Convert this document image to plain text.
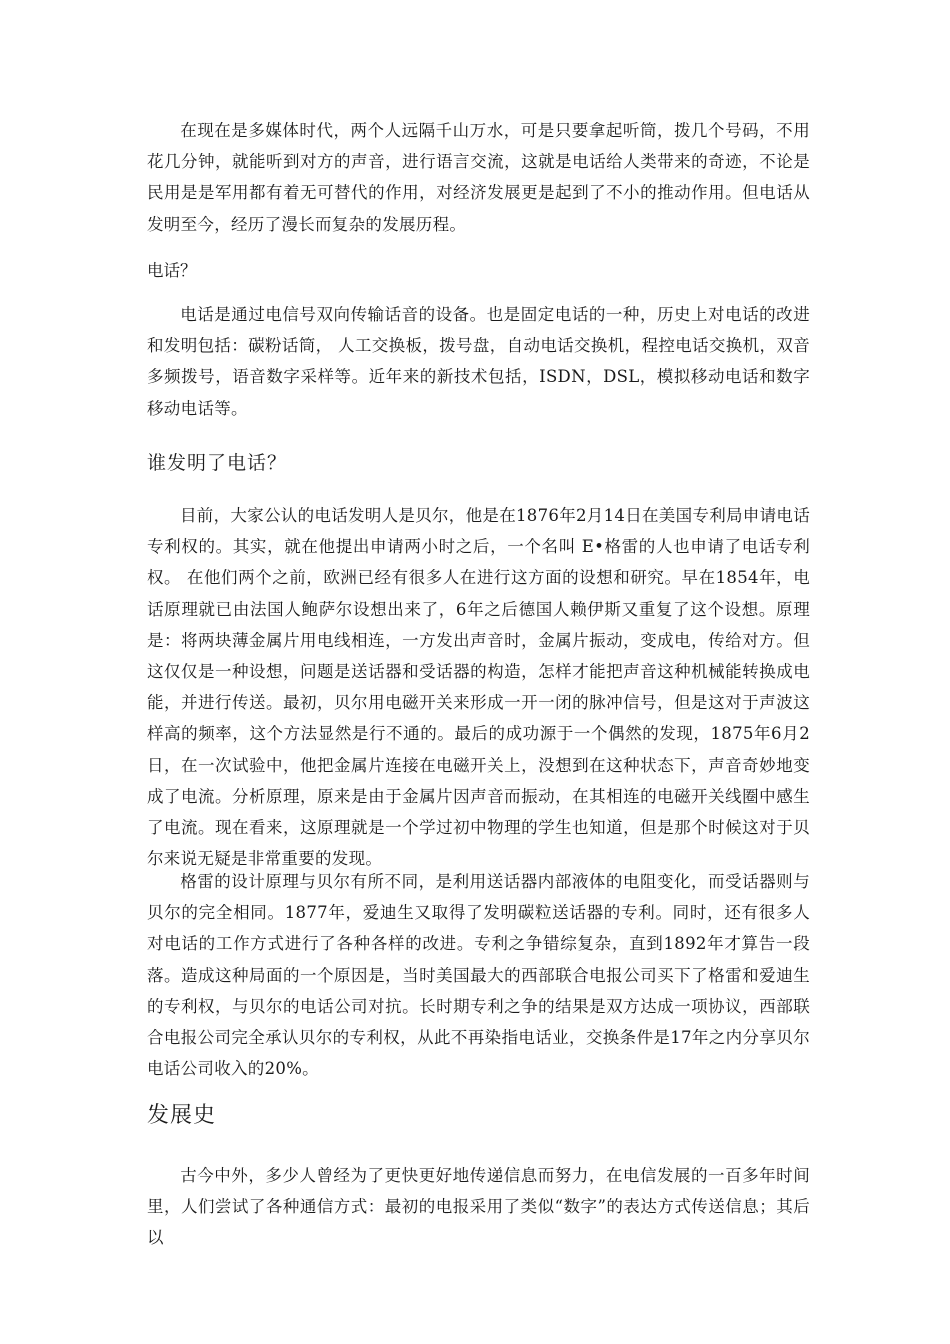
在现在是多媒体时代，两个人远隔千山万水，可是只要拿起听筒，拨几个号码，不用花几分钟，就能听到对方的声音，进行语言交流，这就是电话给人类带来的奇迹，不论是民用是是军用都有着无可替代的作用，对经济发展更是起到了不小的推动作用。但电话从发明至今，经历了漫长而复杂的发展历程。

电话？

电话是通过电信号双向传输话音的设备。也是固定电话的一种，历史上对电话的改进和发明包括：碳粉话筒， 人工交换板，拨号盘，自动电话交换机，程控电话交换机，双音多频拨号，语音数字采样等。近年来的新技术包括，ISDN，DSL，模拟移动电话和数字移动电话等。

谁发明了电话？

目前，大家公认的电话发明人是贝尔，他是在1876年2月14日在美国专利局申请电话专利权的。其实，就在他提出申请两小时之后，一个名叫 E•格雷的人也申请了电话专利权。 在他们两个之前，欧洲已经有很多人在进行这方面的设想和研究。早在1854年，电话原理就已由法国人鲍萨尔设想出来了，6年之后德国人赖伊斯又重复了这个设想。原理是：将两块薄金属片用电线相连，一方发出声音时，金属片振动，变成电，传给对方。但这仅仅是一种设想，问题是送话器和受话器的构造，怎样才能把声音这种机械能转换成电能，并进行传送。最初，贝尔用电磁开关来形成一开一闭的脉冲信号，但是这对于声波这样高的频率，这个方法显然是行不通的。最后的成功源于一个偶然的发现，1875年6月2日，在一次试验中，他把金属片连接在电磁开关上，没想到在这种状态下，声音奇妙地变成了电流。分析原理，原来是由于金属片因声音而振动，在其相连的电磁开关线圈中感生了电流。现在看来，这原理就是一个学过初中物理的学生也知道，但是那个时候这对于贝尔来说无疑是非常重要的发现。

格雷的设计原理与贝尔有所不同，是利用送话器内部液体的电阻变化，而受话器则与贝尔的完全相同。1877年，爱迪生又取得了发明碳粒送话器的专利。同时，还有很多人对电话的工作方式进行了各种各样的改进。专利之争错综复杂，直到1892年才算告一段落。造成这种局面的一个原因是，当时美国最大的西部联合电报公司买下了格雷和爱迪生的专利权，与贝尔的电话公司对抗。长时期专利之争的结果是双方达成一项协议，西部联合电报公司完全承认贝尔的专利权，从此不再染指电话业，交换条件是17年之内分享贝尔电话公司收入的20%。

发展史

古今中外，多少人曾经为了更快更好地传递信息而努力，在电信发展的一百多年时间里，人们尝试了各种通信方式：最初的电报采用了类似“数字”的表达方式传送信息；其后以
